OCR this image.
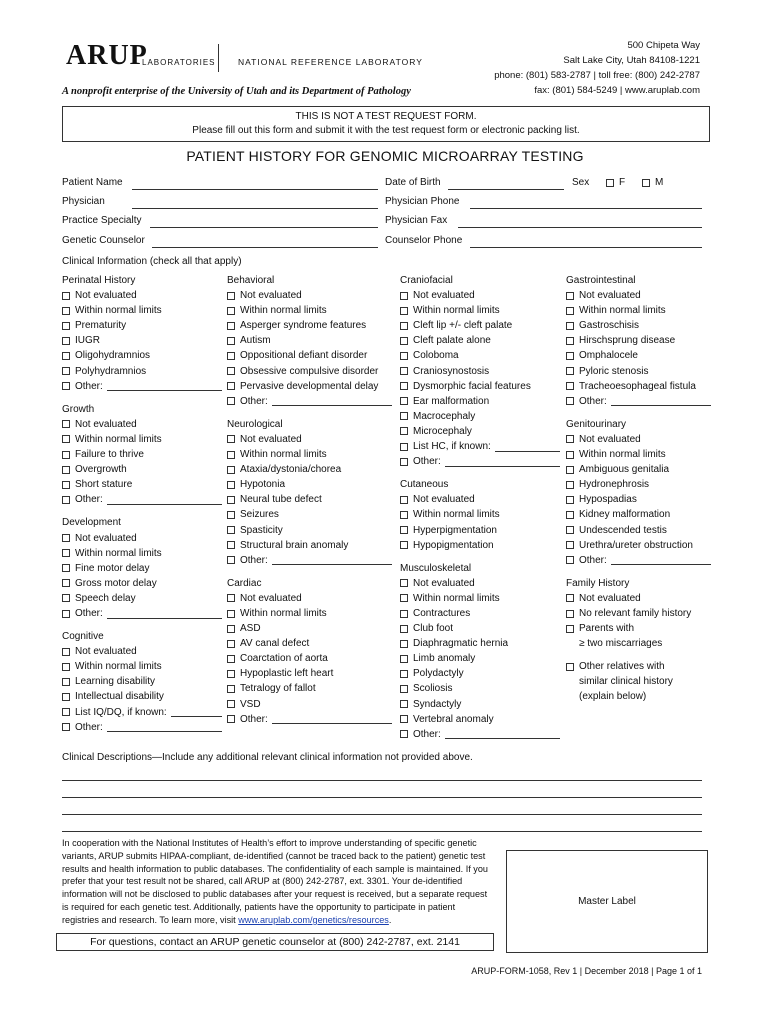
ARUP
LABORATORIES	NATIONAL REFERENCE LABORATORY
A nonprofit enterprise of the University of Utah and its Department of Pathology
500 Chipeta Way
Salt Lake City, Utah 84108-1221
phone: (801) 583-2787 | toll free: (800) 242-2787
fax: (801) 584-5249 | www.aruplab.com
THIS IS NOT A TEST REQUEST FORM.
Please fill out this form and submit it with the test request form or electronic packing list.
PATIENT HISTORY FOR GENOMIC MICROARRAY TESTING
Patient Name	Date of Birth	Sex	F	M
Physician	Physician Phone
Practice Specialty	Physician Fax
Genetic Counselor	Counselor Phone
Clinical Information (check all that apply)
Perinatal History
Not evaluated
Within normal limits
Prematurity
IUGR
Oligohydramnios
Polyhydramnios
Other:
Growth
Not evaluated
Within normal limits
Failure to thrive
Overgrowth
Short stature
Other:
Development
Not evaluated
Within normal limits
Fine motor delay
Gross motor delay
Speech delay
Other:
Cognitive
Not evaluated
Within normal limits
Learning disability
Intellectual disability
List IQ/DQ, if known:
Other:
Behavioral
Not evaluated
Within normal limits
Asperger syndrome features
Autism
Oppositional defiant disorder
Obsessive compulsive disorder
Pervasive developmental delay
Other:
Neurological
Not evaluated
Within normal limits
Ataxia/dystonia/chorea
Hypotonia
Neural tube defect
Seizures
Spasticity
Structural brain anomaly
Other:
Cardiac
Not evaluated
Within normal limits
ASD
AV canal defect
Coarctation of aorta
Hypoplastic left heart
Tetralogy of fallot
VSD
Other:
Craniofacial
Not evaluated
Within normal limits
Cleft lip +/- cleft palate
Cleft palate alone
Coloboma
Craniosynostosis
Dysmorphic facial features
Ear malformation
Macrocephaly
Microcephaly
List HC, if known:
Other:
Cutaneous
Not evaluated
Within normal limits
Hyperpigmentation
Hypopigmentation
Musculoskeletal
Not evaluated
Within normal limits
Contractures
Club foot
Diaphragmatic hernia
Limb anomaly
Polydactyly
Scoliosis
Syndactyly
Vertebral anomaly
Other:
Gastrointestinal
Not evaluated
Within normal limits
Gastroschisis
Hirschsprung disease
Omphalocele
Pyloric stenosis
Tracheoesophageal fistula
Other:
Genitourinary
Not evaluated
Within normal limits
Ambiguous genitalia
Hydronephrosis
Hypospadias
Kidney malformation
Undescended testis
Urethra/ureter obstruction
Other:
Family History
Not evaluated
No relevant family history
Parents with
≥ two miscarriages
Other relatives with
similar clinical history
(explain below)
Clinical Descriptions—Include any additional relevant clinical information not provided above.
In cooperation with the National Institutes of Health’s effort to improve understanding of specific genetic variants, ARUP submits HIPAA-compliant, de-identified (cannot be traced back to the patient) genetic test results and health information to public databases. The confidentiality of each sample is maintained. If you prefer that your test result not be shared, call ARUP at (800) 242-2787, ext. 3301. Your de-identified information will not be disclosed to public databases after your request is received, but a separate request is required for each genetic test. Additionally, patients have the opportunity to participate in patient registries and research. To learn more, visit www.aruplab.com/genetics/resources.
Master Label
For questions, contact an ARUP genetic counselor at (800) 242-2787, ext. 2141
ARUP-FORM-1058, Rev 1 | December 2018 | Page 1 of 1
